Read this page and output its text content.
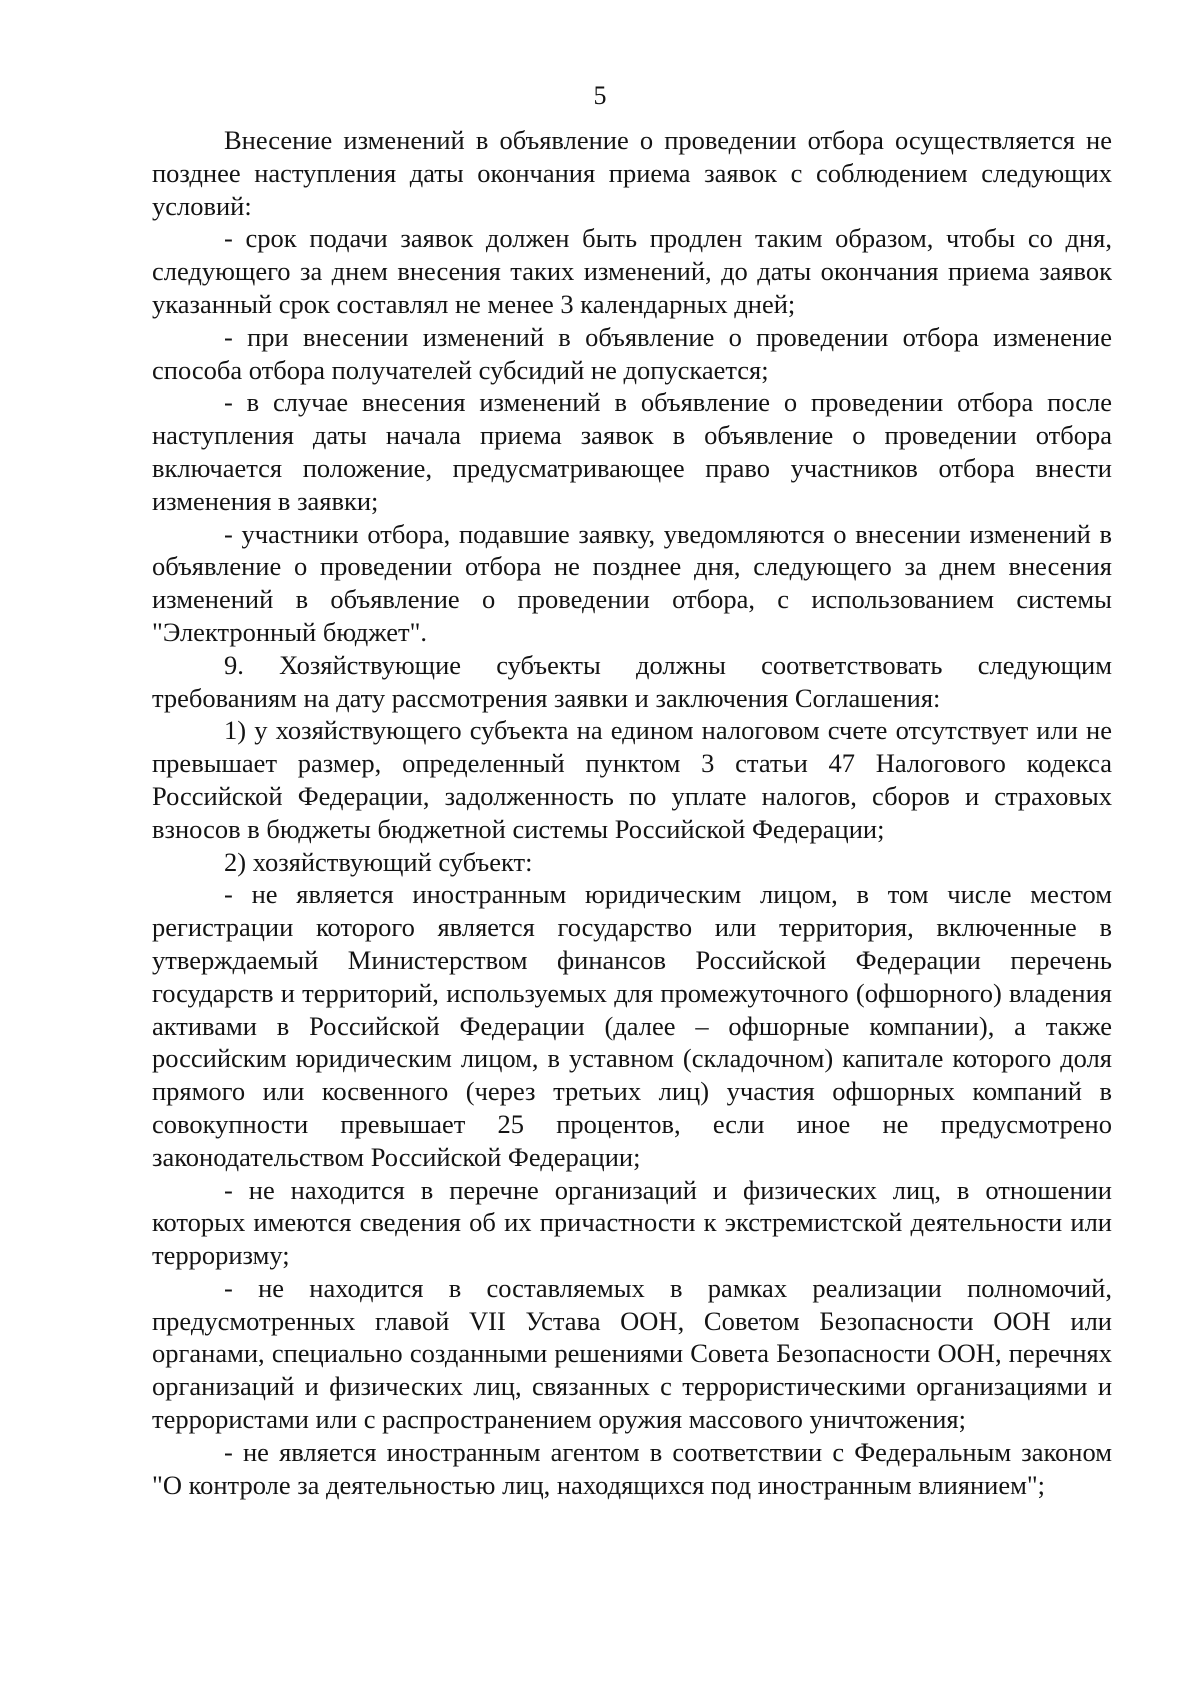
5

Внесение изменений в объявление о проведении отбора осуществляется не позднее наступления даты окончания приема заявок с соблюдением следующих условий:

- срок подачи заявок должен быть продлен таким образом, чтобы со дня, следующего за днем внесения таких изменений, до даты окончания приема заявок указанный срок составлял не менее 3 календарных дней;

- при внесении изменений в объявление о проведении отбора изменение способа отбора получателей субсидий не допускается;

- в случае внесения изменений в объявление о проведении отбора после наступления даты начала приема заявок в объявление о проведении отбора включается положение, предусматривающее право участников отбора внести изменения в заявки;

- участники отбора, подавшие заявку, уведомляются о внесении изменений в объявление о проведении отбора не позднее дня, следующего за днем внесения изменений в объявление о проведении отбора, с использованием системы "Электронный бюджет".

9. Хозяйствующие субъекты должны соответствовать следующим требованиям на дату рассмотрения заявки и заключения Соглашения:

1) у хозяйствующего субъекта на едином налоговом счете отсутствует или не превышает размер, определенный пунктом 3 статьи 47 Налогового кодекса Российской Федерации, задолженность по уплате налогов, сборов и страховых взносов в бюджеты бюджетной системы Российской Федерации;

2) хозяйствующий субъект:

- не является иностранным юридическим лицом, в том числе местом регистрации которого является государство или территория, включенные в утверждаемый Министерством финансов Российской Федерации перечень государств и территорий, используемых для промежуточного (офшорного) владения активами в Российской Федерации (далее – офшорные компании), а также российским юридическим лицом, в уставном (складочном) капитале которого доля прямого или косвенного (через третьих лиц) участия офшорных компаний в совокупности превышает 25 процентов, если иное не предусмотрено законодательством Российской Федерации;

- не находится в перечне организаций и физических лиц, в отношении которых имеются сведения об их причастности к экстремистской деятельности или терроризму;

- не находится в составляемых в рамках реализации полномочий, предусмотренных главой VII Устава ООН, Советом Безопасности ООН или органами, специально созданными решениями Совета Безопасности ООН, перечнях организаций и физических лиц, связанных с террористическими организациями и террористами или с распространением оружия массового уничтожения;

- не является иностранным агентом в соответствии с Федеральным законом "О контроле за деятельностью лиц, находящихся под иностранным влиянием";
